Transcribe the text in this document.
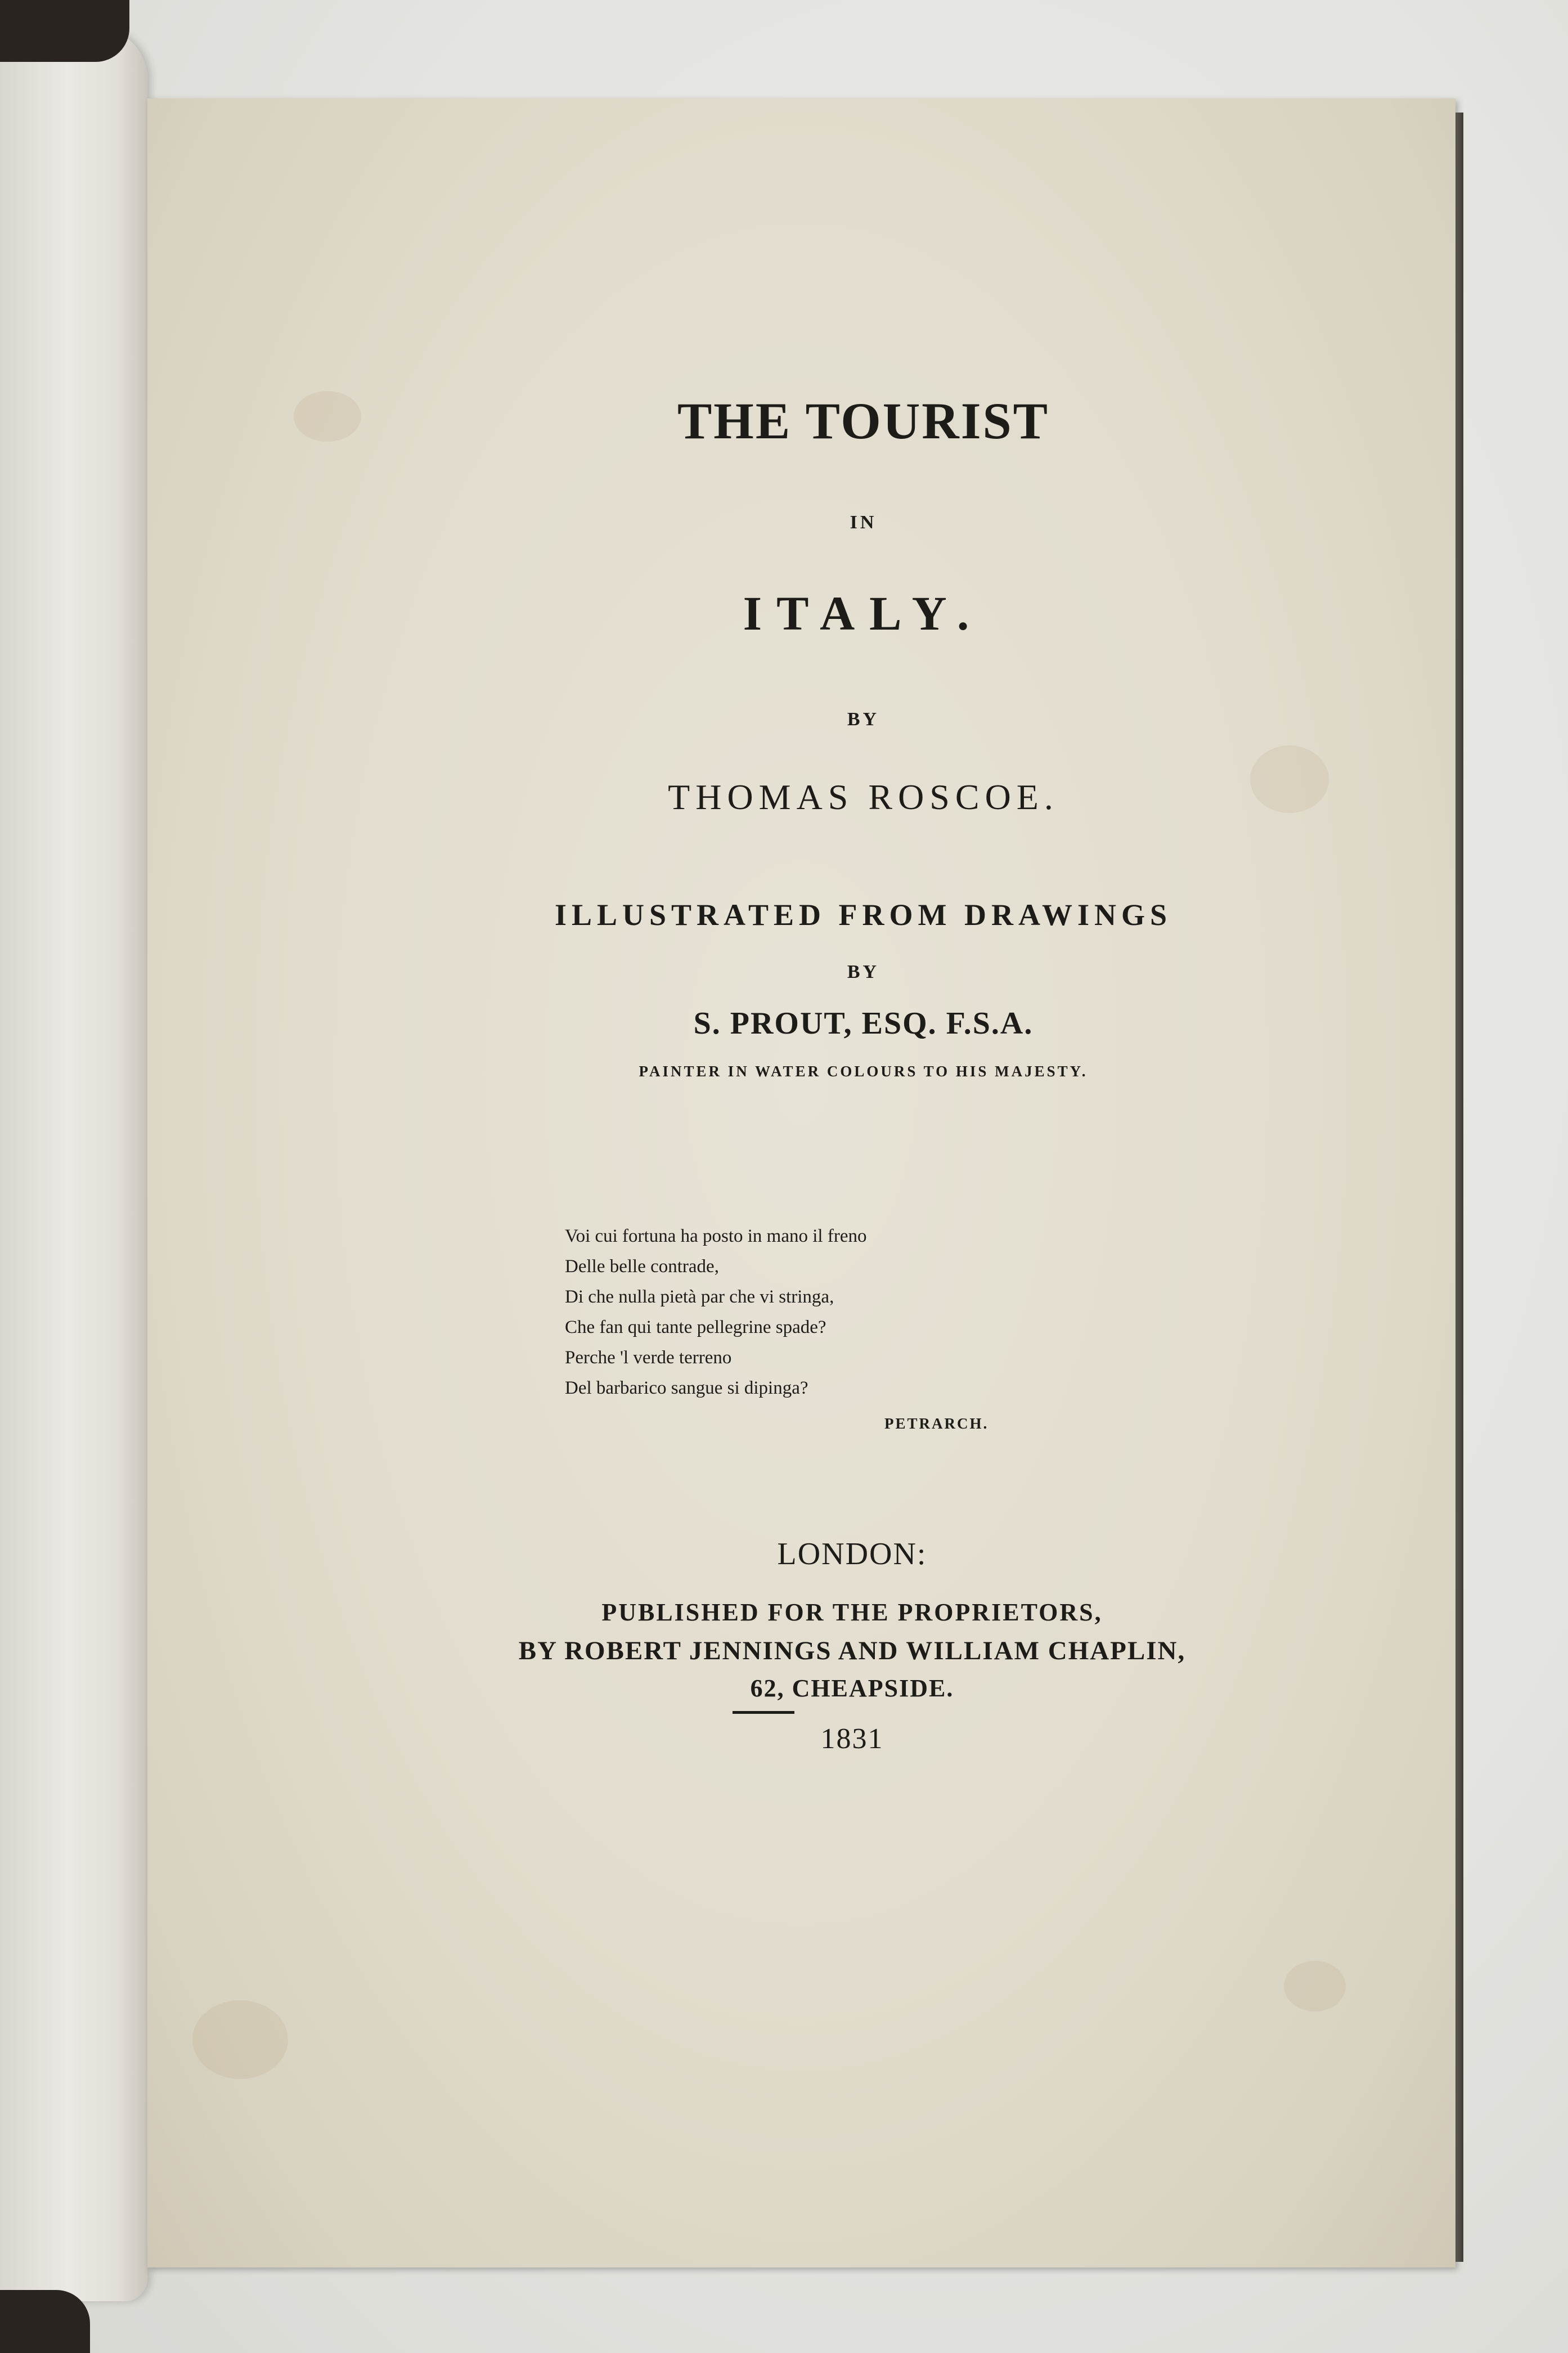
THE TOURIST
IN
ITALY.
BY
THOMAS ROSCOE.
ILLUSTRATED FROM DRAWINGS
BY
S. PROUT, ESQ. F.S.A.
PAINTER IN WATER COLOURS TO HIS MAJESTY.
Voi cui fortuna ha posto in mano il freno
Delle belle contrade,
Di che nulla pietà par che vi stringa,
Che fan qui tante pellegrine spade?
Perche 'l verde terreno
Del barbarico sangue si dipinga?
PETRARCH.
LONDON:
PUBLISHED FOR THE PROPRIETORS,
BY ROBERT JENNINGS AND WILLIAM CHAPLIN,
62, CHEAPSIDE.
1831
